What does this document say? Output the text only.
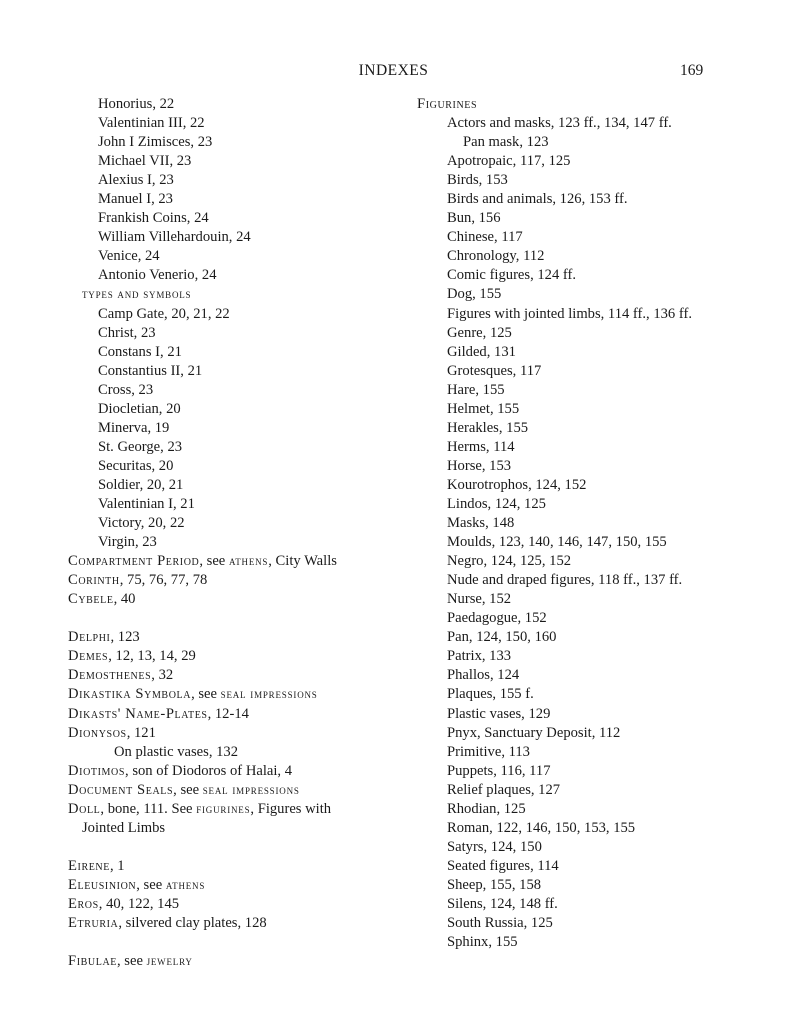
INDEXES	169
Honorius, 22
Valentinian III, 22
John I Zimisces, 23
Michael VII, 23
Alexius I, 23
Manuel I, 23
Frankish Coins, 24
William Villehardouin, 24
Venice, 24
Antonio Venerio, 24
types and symbols
Camp Gate, 20, 21, 22
Christ, 23
Constans I, 21
Constantius II, 21
Cross, 23
Diocletian, 20
Minerva, 19
St. George, 23
Securitas, 20
Soldier, 20, 21
Valentinian I, 21
Victory, 20, 22
Virgin, 23
Compartment Period, see athens, City Walls
Corinth, 75, 76, 77, 78
Cybele, 40
Delphi, 123
Demes, 12, 13, 14, 29
Demosthenes, 32
Dikastika Symbola, see seal impressions
Dikasts' Name-Plates, 12-14
Dionysos, 121
On plastic vases, 132
Diotimos, son of Diodoros of Halai, 4
Document Seals, see seal impressions
Doll, bone, 111. See figurines, Figures with
Jointed Limbs
Eirene, 1
Eleusinion, see athens
Eros, 40, 122, 145
Etruria, silvered clay plates, 128
Fibulae, see jewelry
Figurines
Actors and masks, 123 ff., 134, 147 ff.
Pan mask, 123
Apotropaic, 117, 125
Birds, 153
Birds and animals, 126, 153 ff.
Bun, 156
Chinese, 117
Chronology, 112
Comic figures, 124 ff.
Dog, 155
Figures with jointed limbs, 114 ff., 136 ff.
Genre, 125
Gilded, 131
Grotesques, 117
Hare, 155
Helmet, 155
Herakles, 155
Herms, 114
Horse, 153
Kourotrophos, 124, 152
Lindos, 124, 125
Masks, 148
Moulds, 123, 140, 146, 147, 150, 155
Negro, 124, 125, 152
Nude and draped figures, 118 ff., 137 ff.
Nurse, 152
Paedagogue, 152
Pan, 124, 150, 160
Patrix, 133
Phallos, 124
Plaques, 155 f.
Plastic vases, 129
Pnyx, Sanctuary Deposit, 112
Primitive, 113
Puppets, 116, 117
Relief plaques, 127
Rhodian, 125
Roman, 122, 146, 150, 153, 155
Satyrs, 124, 150
Seated figures, 114
Sheep, 155, 158
Silens, 124, 148 ff.
South Russia, 125
Sphinx, 155
